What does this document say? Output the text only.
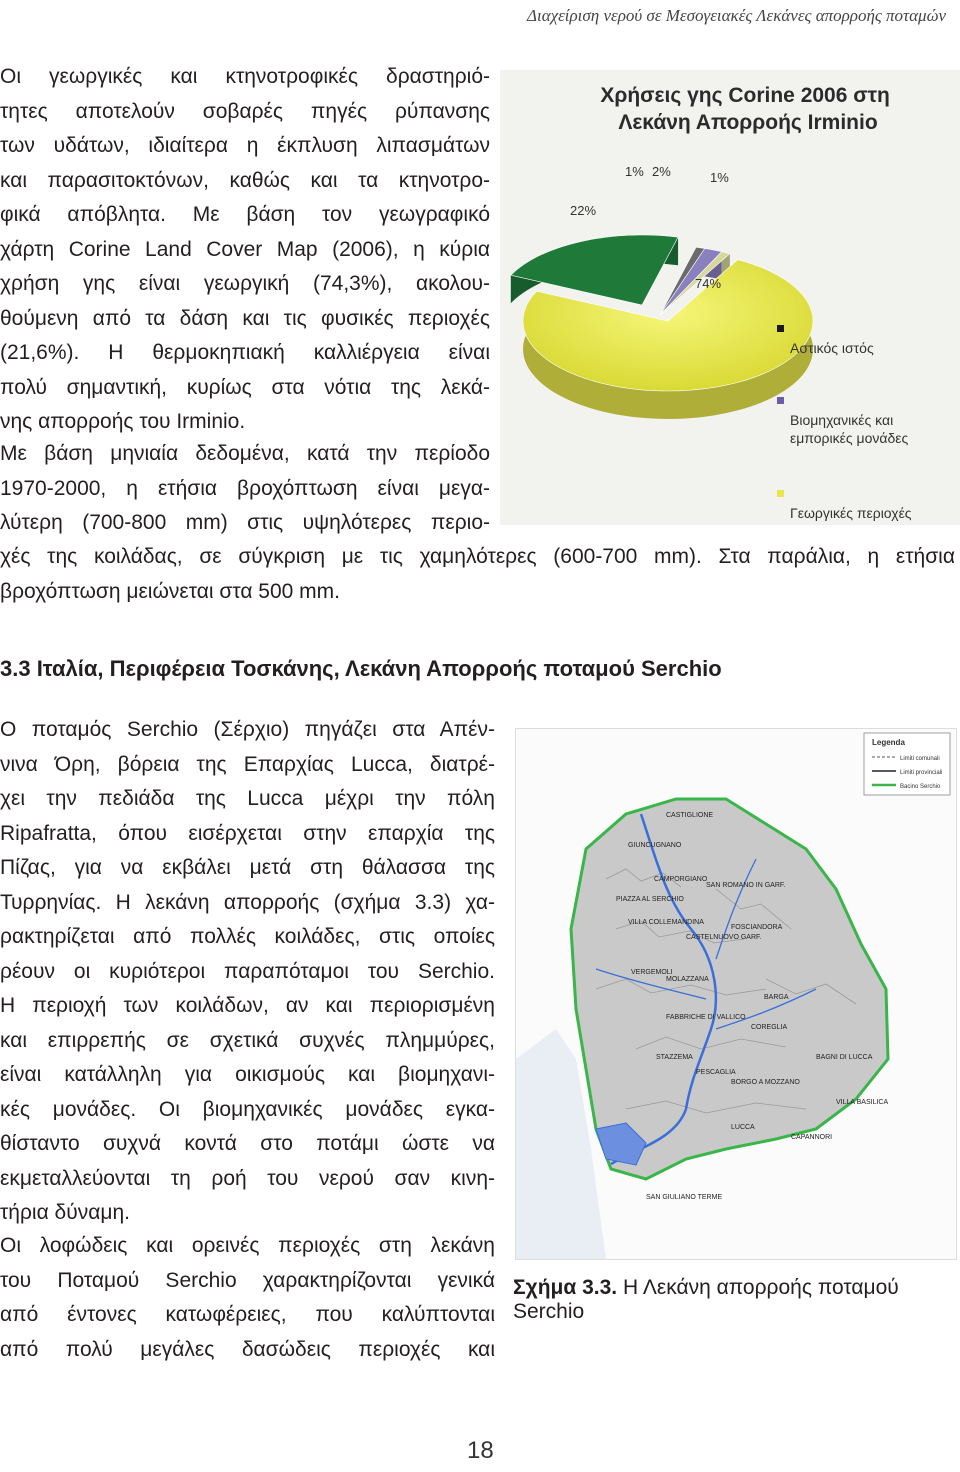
Διαχείριση νερού σε Μεσογειακές Λεκάνες απορροής ποταμών
Οι γεωργικές και κτηνοτροφικές δραστηριό-
τητες αποτελούν σοβαρές πηγές ρύπανσης
των υδάτων, ιδιαίτερα η έκπλυση λιπασμάτων
και παρασιτοκτόνων, καθώς και τα κτηνοτρο-
φικά απόβλητα. Με βάση τον γεωγραφικό
χάρτη Corine Land Cover Map (2006), η κύρια
χρήση γης είναι γεωργική (74,3%), ακολου-
θούμενη από τα δάση και τις φυσικές περιοχές
(21,6%). Η θερμοκηπιακή καλλιέργεια είναι
πολύ σημαντική, κυρίως στα νότια της λεκά-
νης απορροής του Irminio.
Με βάση μηνιαία δεδομένα, κατά την περίοδο
1970-2000, η ετήσια βροχόπτωση είναι μεγα-
λύτερη (700-800 mm) στις υψηλότερες περιο-
χές της κοιλάδας, σε σύγκριση με τις χαμηλότερες (600-700 mm). Στα παράλια, η ετήσια
βροχόπτωση μειώνεται στα 500 mm.
Χρήσεις γης Corine 2006 στη Λεκάνη Απορροής Irminio
74%
22%
1% 2%	1%
Αστικός ιστός
Βιομηχανικές και
εμπορικές μονάδες
Γεωργικές περιοχές
3.3 Ιταλία, Περιφέρεια Τοσκάνης, Λεκάνη Απορροής ποταμού Serchio
Ο ποταμός Serchio (Σέρχιο) πηγάζει στα Απέν-
νινα Όρη, βόρεια της Επαρχίας Lucca, διατρέ-
χει την πεδιάδα της Lucca μέχρι την πόλη
Ripafratta, όπου εισέρχεται στην επαρχία της
Πίζας, για να εκβάλει μετά στη θάλασσα της
Τυρρηνίας. Η λεκάνη απορροής (σχήμα 3.3) χα-
ρακτηρίζεται από πολλές κοιλάδες, στις οποίες
ρέουν οι κυριότεροι παραπόταμοι του Serchio.
Η περιοχή των κοιλάδων, αν και περιορισμένη
και επιρρεπής σε σχετικά συχνές πλημμύρες,
είναι κατάλληλη για οικισμούς και βιομηχανι-
κές μονάδες. Οι βιομηχανικές μονάδες εγκα-
θίσταντο συχνά κοντά στο ποτάμι ώστε να
εκμεταλλεύονται τη ροή του νερού σαν κινη-
τήρια δύναμη.
Οι λοφώδεις και ορεινές περιοχές στη λεκάνη
του Ποταμού Serchio χαρακτηρίζονται γενικά
από έντονες κατωφέρειες, που καλύπτονται
από πολύ μεγάλες δασώδεις περιοχές και
Legenda
Limiti comunali
Limiti provinciali
Bacino Serchio
CASTIGLIONE
GIUNCUGNANO
CAMPORGIANO
SAN ROMANO IN GARF.
PIAZZA AL SERCHIO
VILLA COLLEMANDINA
FOSCIANDORA
CASTELNUOVO GARF.
VERGEMOLI
MOLAZZANA
BARGA
FABBRICHE DI VALLICO
COREGLIA
STAZZEMA
PESCAGLIA
BORGO A MOZZANO
BAGNI DI LUCCA
VILLA BASILICA
LUCCA
CAPANNORI
SAN GIULIANO TERME
Σχήμα 3.3. Η Λεκάνη απορροής ποταμού Serchio
18
